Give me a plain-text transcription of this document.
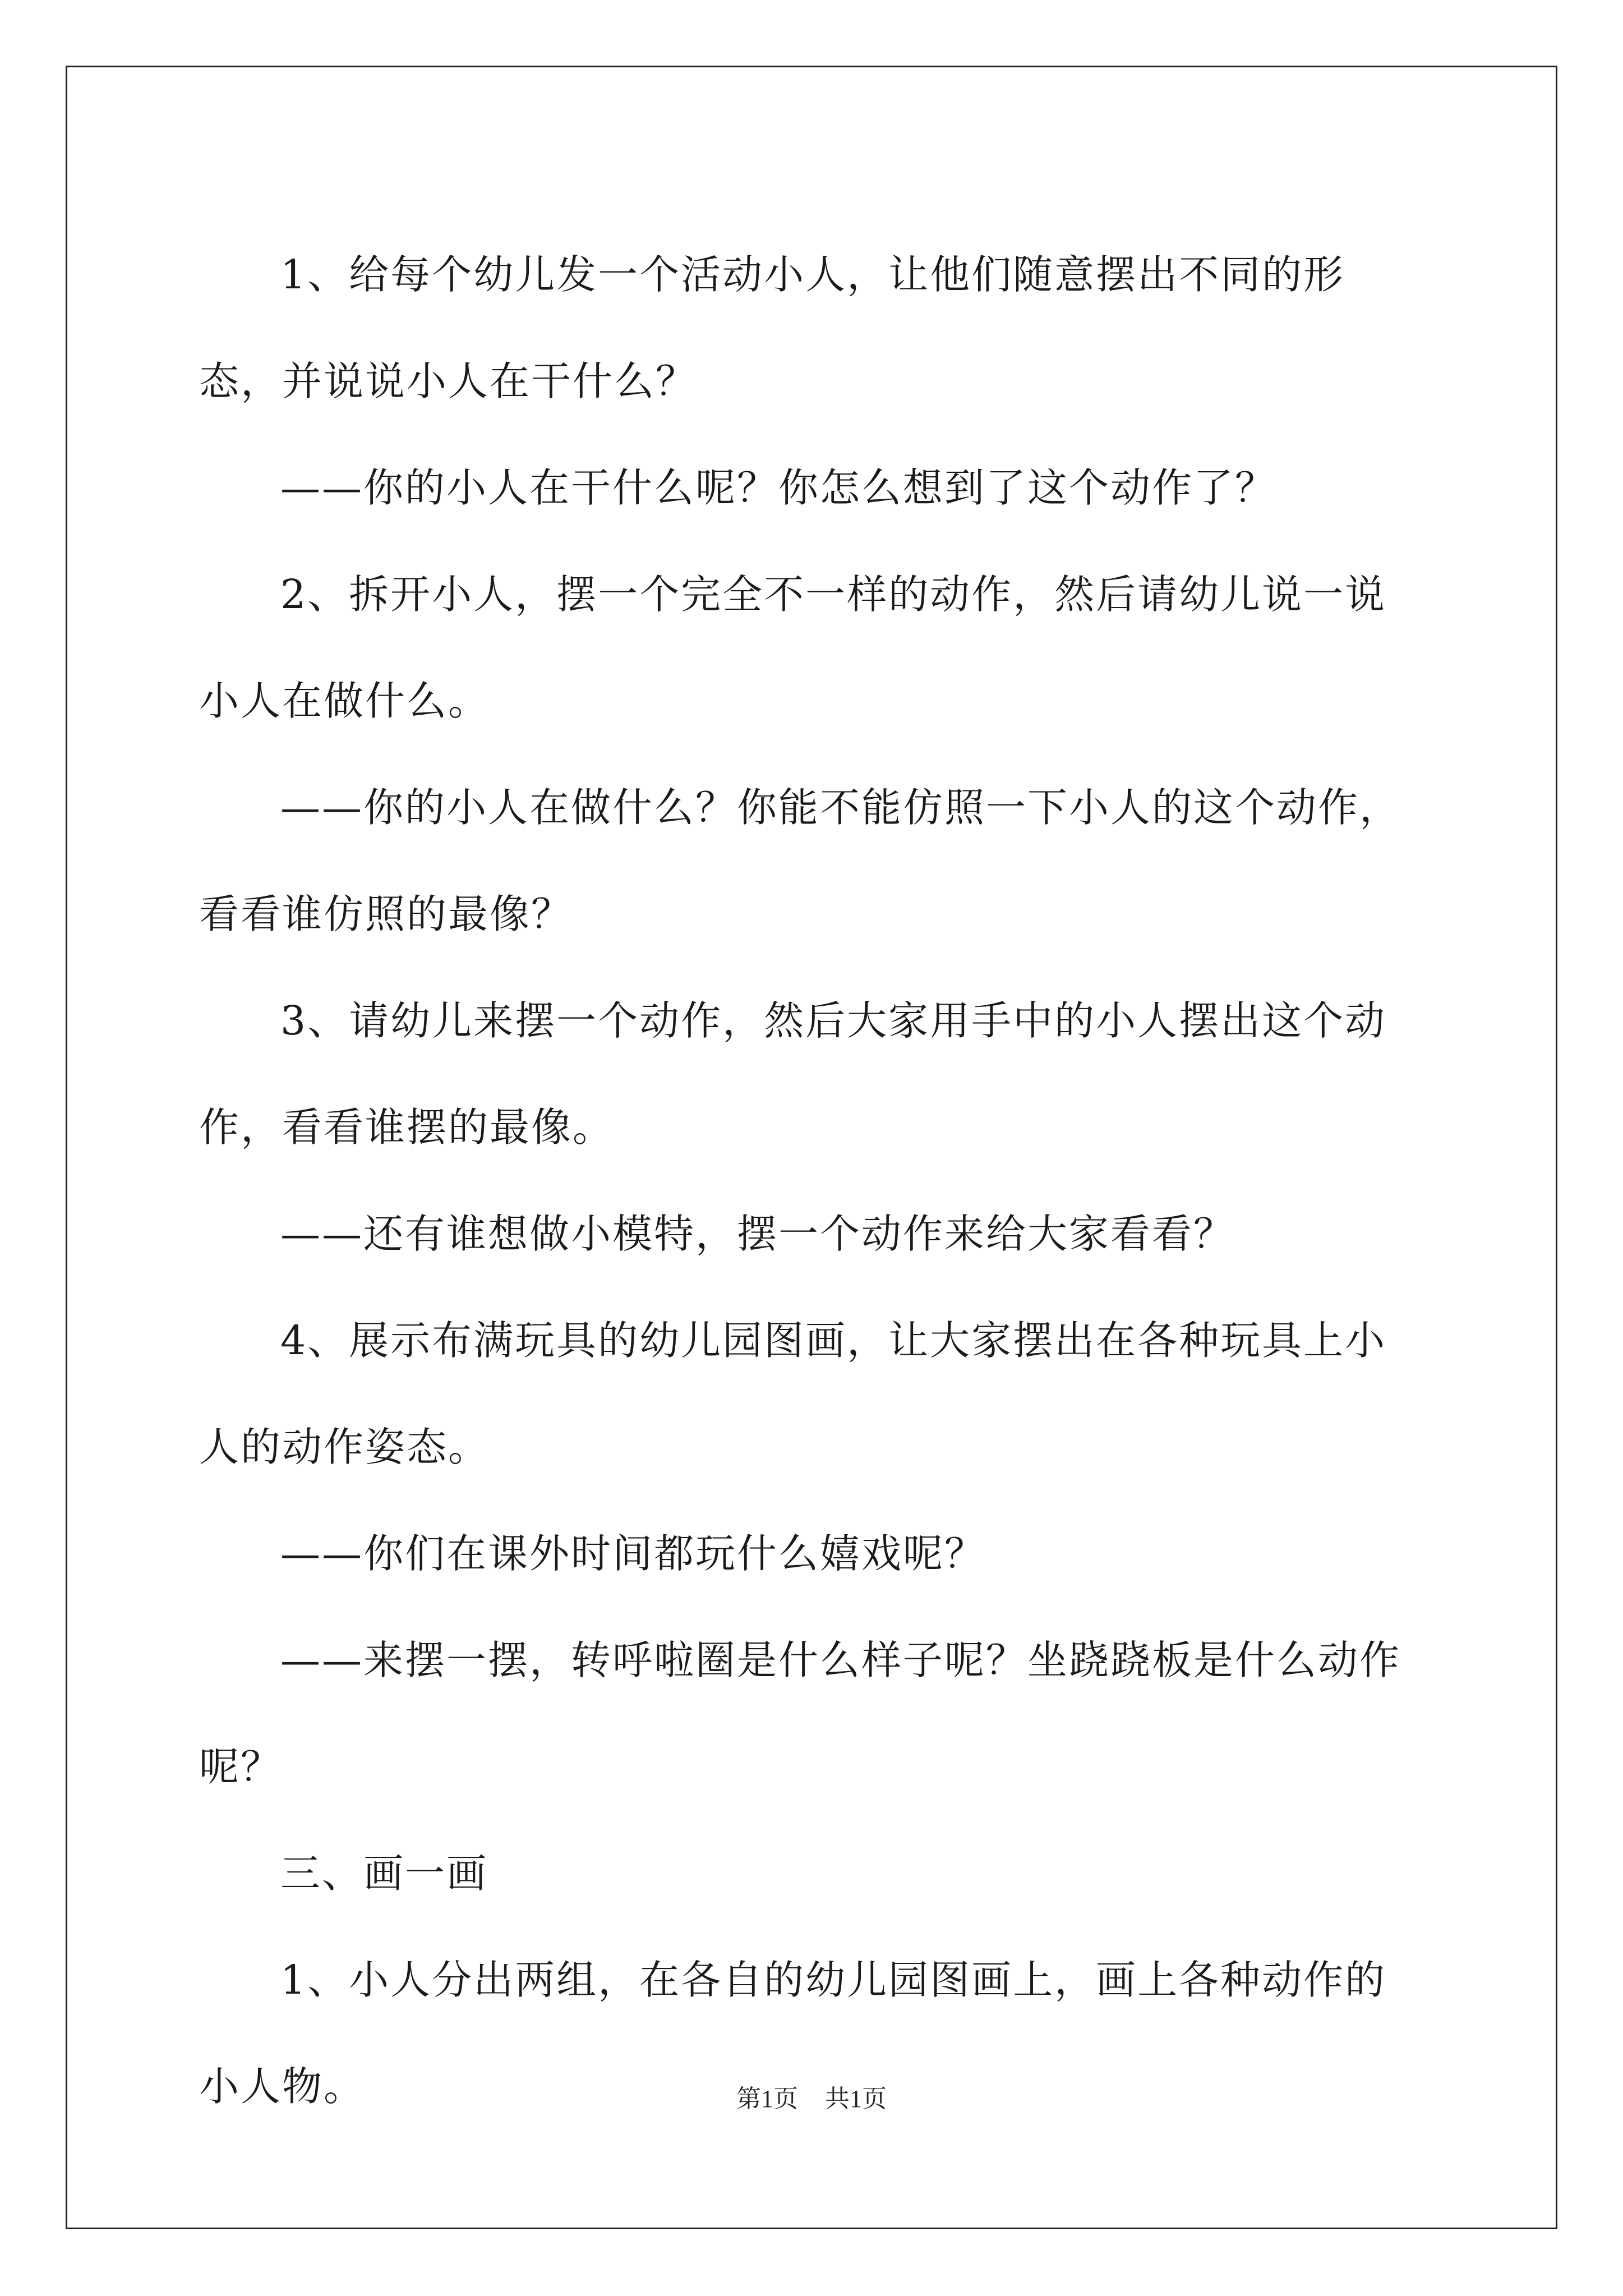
1、给每个幼儿发一个活动小人，让他们随意摆出不同的形态，并说说小人在干什么？

——你的小人在干什么呢？你怎么想到了这个动作了？

2、拆开小人，摆一个完全不一样的动作，然后请幼儿说一说小人在做什么。

——你的小人在做什么？你能不能仿照一下小人的这个动作，看看谁仿照的最像？

3、请幼儿来摆一个动作，然后大家用手中的小人摆出这个动作，看看谁摆的最像。

——还有谁想做小模特，摆一个动作来给大家看看？

4、展示布满玩具的幼儿园图画，让大家摆出在各种玩具上小人的动作姿态。

——你们在课外时间都玩什么嬉戏呢？

——来摆一摆，转呼啦圈是什么样子呢？坐跷跷板是什么动作呢？

三、画一画

1、小人分出两组，在各自的幼儿园图画上，画上各种动作的小人物。	第1页 共1页
